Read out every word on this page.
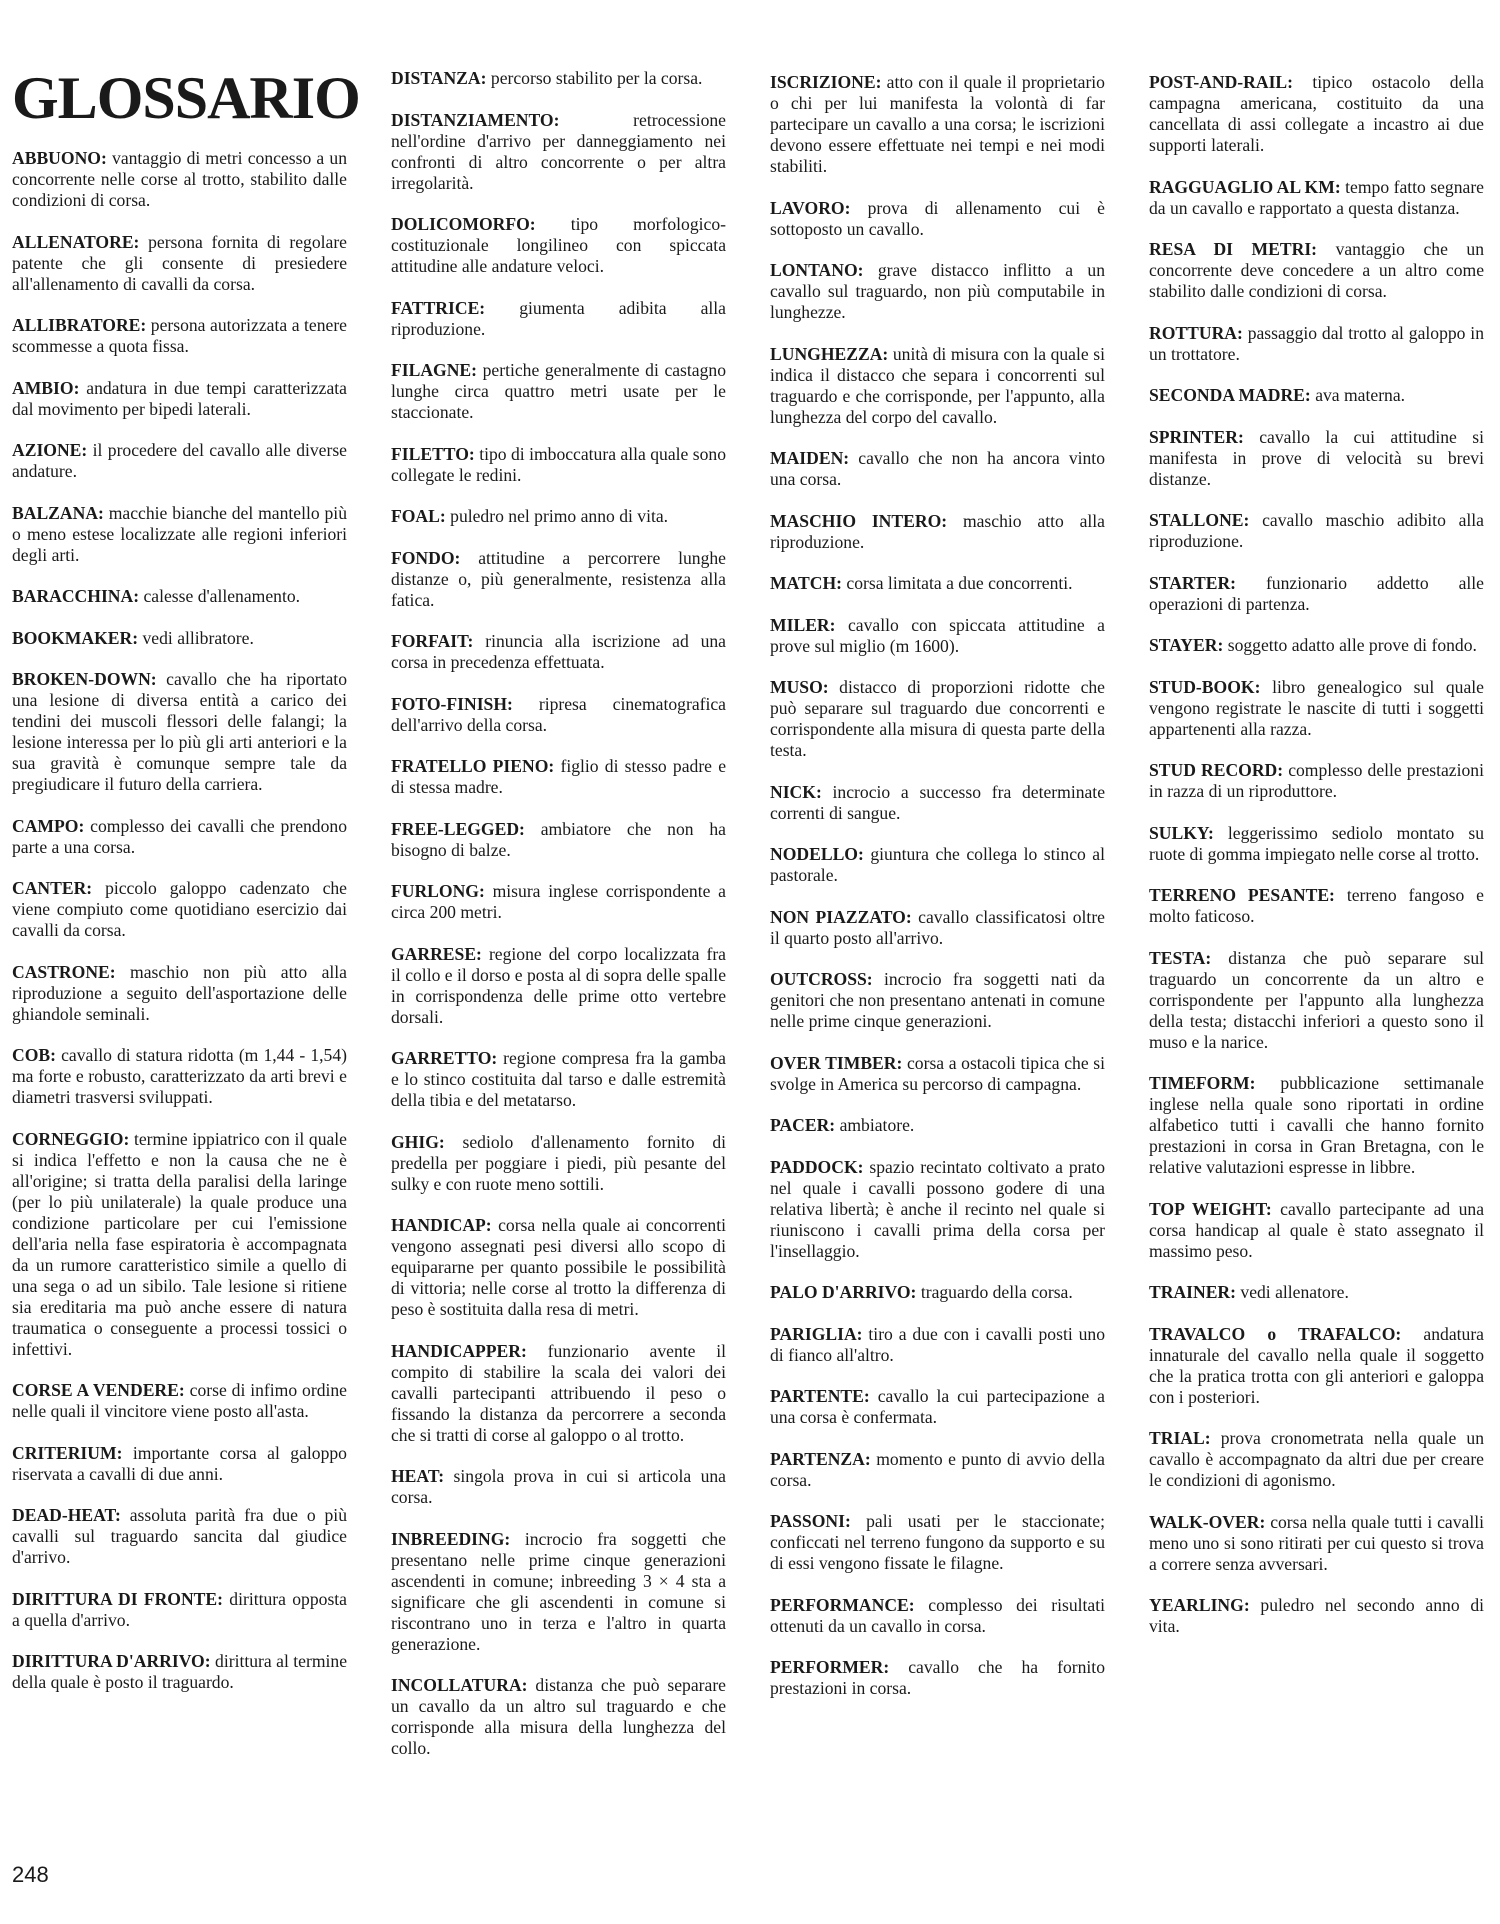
GLOSSARIO

ABBUONO: vantaggio di metri concesso a un concorrente nelle corse al trotto, stabilito dalle condizioni di corsa.

ALLENATORE: persona fornita di regolare patente che gli consente di presiedere all'allenamento di cavalli da corsa.

ALLIBRATORE: persona autorizzata a tenere scommesse a quota fissa.

AMBIO: andatura in due tempi caratterizzata dal movimento per bipedi laterali.

AZIONE: il procedere del cavallo alle diverse andature.

BALZANA: macchie bianche del mantello più o meno estese localizzate alle regioni inferiori degli arti.

BARACCHINA: calesse d'allenamento.

BOOKMAKER: vedi allibratore.

BROKEN-DOWN: cavallo che ha riportato una lesione di diversa entità a carico dei tendini dei muscoli flessori delle falangi; la lesione interessa per lo più gli arti anteriori e la sua gravità è comunque sempre tale da pregiudicare il futuro della carriera.

CAMPO: complesso dei cavalli che prendono parte a una corsa.

CANTER: piccolo galoppo cadenzato che viene compiuto come quotidiano esercizio dai cavalli da corsa.

CASTRONE: maschio non più atto alla riproduzione a seguito dell'asportazione delle ghiandole seminali.

COB: cavallo di statura ridotta (m 1,44 - 1,54) ma forte e robusto, caratterizzato da arti brevi e diametri trasversi sviluppati.

CORNEGGIO: termine ippiatrico con il quale si indica l'effetto e non la causa che ne è all'origine; si tratta della paralisi della laringe (per lo più unilaterale) la quale produce una condizione particolare per cui l'emissione dell'aria nella fase espiratoria è accompagnata da un rumore caratteristico simile a quello di una sega o ad un sibilo. Tale lesione si ritiene sia ereditaria ma può anche essere di natura traumatica o conseguente a processi tossici o infettivi.

CORSE A VENDERE: corse di infimo ordine nelle quali il vincitore viene posto all'asta.

CRITERIUM: importante corsa al galoppo riservata a cavalli di due anni.

DEAD-HEAT: assoluta parità fra due o più cavalli sul traguardo sancita dal giudice d'arrivo.

DIRITTURA DI FRONTE: dirittura opposta a quella d'arrivo.

DIRITTURA D'ARRIVO: dirittura al termine della quale è posto il traguardo.

DISTANZA: percorso stabilito per la corsa.

DISTANZIAMENTO:	retrocessione nell'ordine d'arrivo per danneggiamento nei confronti di altro concorrente o per altra irregolarità.

DOLICOMORFO: tipo morfologico-costituzionale longilineo con spiccata attitudine alle andature veloci.

FATTRICE: giumenta adibita alla riproduzione.

FILAGNE: pertiche generalmente di castagno lunghe circa quattro metri usate per le staccionate.

FILETTO: tipo di imboccatura alla quale sono collegate le redini.

FOAL: puledro nel primo anno di vita.

FONDO: attitudine a percorrere lunghe distanze o, più generalmente, resistenza alla fatica.

FORFAIT: rinuncia alla iscrizione ad una corsa in precedenza effettuata.

FOTO-FINISH: ripresa cinematografica dell'arrivo della corsa.

FRATELLO PIENO: figlio di stesso padre e di stessa madre.

FREE-LEGGED: ambiatore che non ha bisogno di balze.

FURLONG: misura inglese corrispondente a circa 200 metri.

GARRESE: regione del corpo localizzata fra il collo e il dorso e posta al di sopra delle spalle in corrispondenza delle prime otto vertebre dorsali.

GARRETTO: regione compresa fra la gamba e lo stinco costituita dal tarso e dalle estremità della tibia e del metatarso.

GHIG: sediolo d'allenamento fornito di predella per poggiare i piedi, più pesante del sulky e con ruote meno sottili.

HANDICAP: corsa nella quale ai concorrenti vengono assegnati pesi diversi allo scopo di equipararne per quanto possibile le possibilità di vittoria; nelle corse al trotto la differenza di peso è sostituita dalla resa di metri.

HANDICAPPER: funzionario avente il compito di stabilire la scala dei valori dei cavalli partecipanti attribuendo il peso o fissando la distanza da percorrere a seconda che si tratti di corse al galoppo o al trotto.

HEAT: singola prova in cui si articola una corsa.

INBREEDING: incrocio fra soggetti che presentano nelle prime cinque generazioni ascendenti in comune; inbreeding 3 × 4 sta a significare che gli ascendenti in comune si riscontrano uno in terza e l'altro in quarta generazione.

INCOLLATURA: distanza che può separare un cavallo da un altro sul traguardo e che corrisponde alla misura della lunghezza del collo.

ISCRIZIONE: atto con il quale il proprietario o chi per lui manifesta la volontà di far partecipare un cavallo a una corsa; le iscrizioni devono essere effettuate nei tempi e nei modi stabiliti.

LAVORO: prova di allenamento cui è sottoposto un cavallo.

LONTANO: grave distacco inflitto a un cavallo sul traguardo, non più computabile in lunghezze.

LUNGHEZZA: unità di misura con la quale si indica il distacco che separa i concorrenti sul traguardo e che corrisponde, per l'appunto, alla lunghezza del corpo del cavallo.

MAIDEN: cavallo che non ha ancora vinto una corsa.

MASCHIO INTERO: maschio atto alla riproduzione.

MATCH: corsa limitata a due concorrenti.

MILER: cavallo con spiccata attitudine a prove sul miglio (m 1600).

MUSO: distacco di proporzioni ridotte che può separare sul traguardo due concorrenti e corrispondente alla misura di questa parte della testa.

NICK: incrocio a successo fra determinate correnti di sangue.

NODELLO: giuntura che collega lo stinco al pastorale.

NON PIAZZATO: cavallo classificatosi oltre il quarto posto all'arrivo.

OUTCROSS: incrocio fra soggetti nati da genitori che non presentano antenati in comune nelle prime cinque generazioni.

OVER TIMBER: corsa a ostacoli tipica che si svolge in America su percorso di campagna.

PACER: ambiatore.

PADDOCK: spazio recintato coltivato a prato nel quale i cavalli possono godere di una relativa libertà; è anche il recinto nel quale si riuniscono i cavalli prima della corsa per l'insellaggio.

PALO D'ARRIVO: traguardo della corsa.

PARIGLIA: tiro a due con i cavalli posti uno di fianco all'altro.

PARTENTE: cavallo la cui partecipazione a una corsa è confermata.

PARTENZA: momento e punto di avvio della corsa.

PASSONI: pali usati per le staccionate; conficcati nel terreno fungono da supporto e su di essi vengono fissate le filagne.

PERFORMANCE: complesso dei risultati ottenuti da un cavallo in corsa.

PERFORMER: cavallo che ha fornito prestazioni in corsa.

POST-AND-RAIL: tipico ostacolo della campagna americana, costituito da una cancellata di assi collegate a incastro ai due supporti laterali.

RAGGUAGLIO AL KM: tempo fatto segnare da un cavallo e rapportato a questa distanza.

RESA DI METRI: vantaggio che un concorrente deve concedere a un altro come stabilito dalle condizioni di corsa.

ROTTURA: passaggio dal trotto al galoppo in un trottatore.

SECONDA MADRE: ava materna.

SPRINTER: cavallo la cui attitudine si manifesta in prove di velocità su brevi distanze.

STALLONE: cavallo maschio adibito alla riproduzione.

STARTER: funzionario addetto alle operazioni di partenza.

STAYER: soggetto adatto alle prove di fondo.

STUD-BOOK: libro genealogico sul quale vengono registrate le nascite di tutti i soggetti appartenenti alla razza.

STUD RECORD: complesso delle prestazioni in razza di un riproduttore.

SULKY: leggerissimo sediolo montato su ruote di gomma impiegato nelle corse al trotto.

TERRENO PESANTE: terreno fangoso e molto faticoso.

TESTA: distanza che può separare sul traguardo un concorrente da un altro e corrispondente per l'appunto alla lunghezza della testa; distacchi inferiori a questo sono il muso e la narice.

TIMEFORM: pubblicazione settimanale inglese nella quale sono riportati in ordine alfabetico tutti i cavalli che hanno fornito prestazioni in corsa in Gran Bretagna, con le relative valutazioni espresse in libbre.

TOP WEIGHT: cavallo partecipante ad una corsa handicap al quale è stato assegnato il massimo peso.

TRAINER: vedi allenatore.

TRAVALCO o TRAFALCO: andatura innaturale del cavallo nella quale il soggetto che la pratica trotta con gli anteriori e galoppa con i posteriori.

TRIAL: prova cronometrata nella quale un cavallo è accompagnato da altri due per creare le condizioni di agonismo.

WALK-OVER: corsa nella quale tutti i cavalli meno uno si sono ritirati per cui questo si trova a correre senza avversari.

YEARLING: puledro nel secondo anno di vita.

248
